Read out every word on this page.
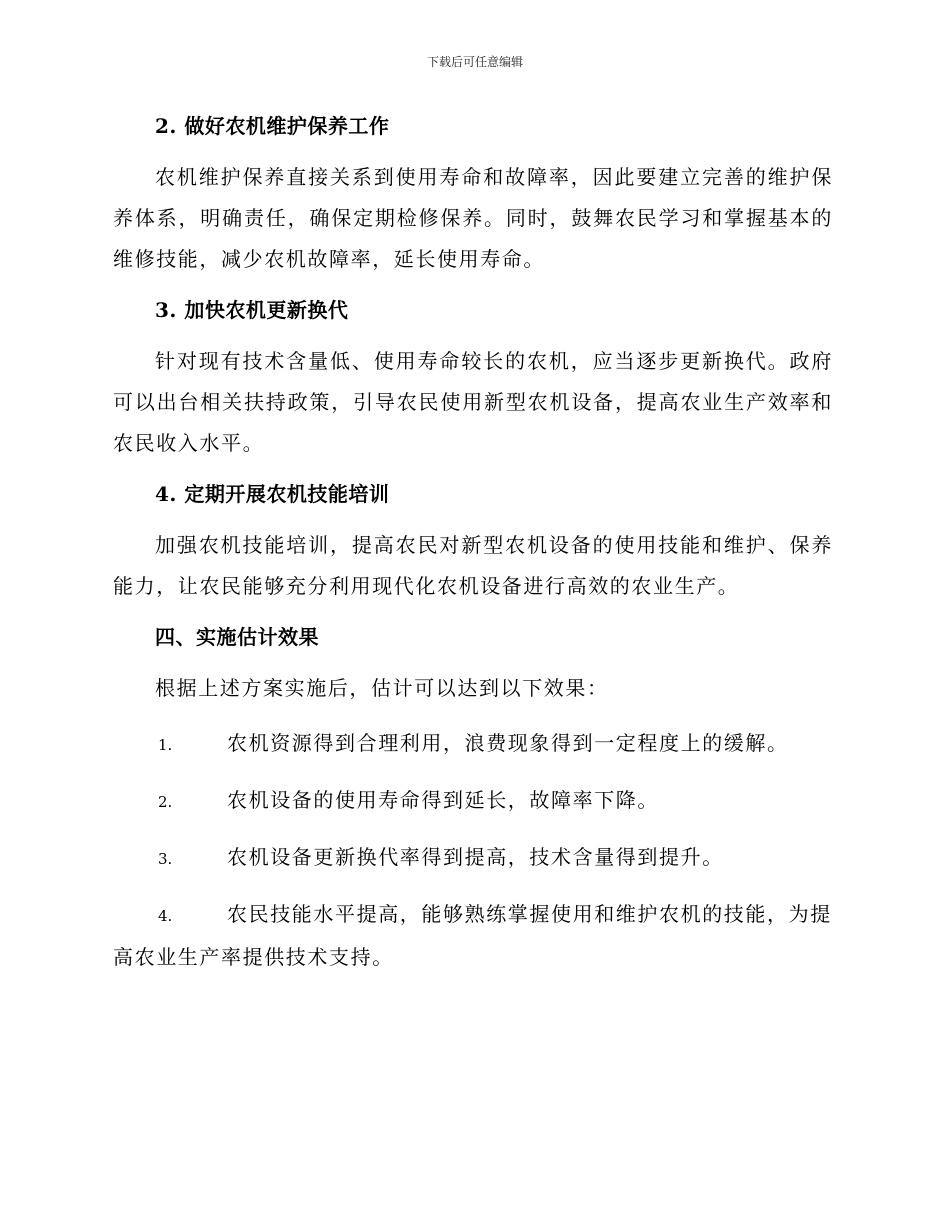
下载后可任意编辑

2. 做好农机维护保养工作

农机维护保养直接关系到使用寿命和故障率，因此要建立完善的维护保养体系，明确责任，确保定期检修保养。同时，鼓舞农民学习和掌握基本的维修技能，减少农机故障率，延长使用寿命。

3. 加快农机更新换代

针对现有技术含量低、使用寿命较长的农机，应当逐步更新换代。政府可以出台相关扶持政策，引导农民使用新型农机设备，提高农业生产效率和农民收入水平。

4. 定期开展农机技能培训

加强农机技能培训，提高农民对新型农机设备的使用技能和维护、保养能力，让农民能够充分利用现代化农机设备进行高效的农业生产。

四、实施估计效果

根据上述方案实施后，估计可以达到以下效果：

1.	农机资源得到合理利用，浪费现象得到一定程度上的缓解。

2.	农机设备的使用寿命得到延长，故障率下降。

3.	农机设备更新换代率得到提高，技术含量得到提升。

4.	农民技能水平提高，能够熟练掌握使用和维护农机的技能，为提
高农业生产率提供技术支持。
